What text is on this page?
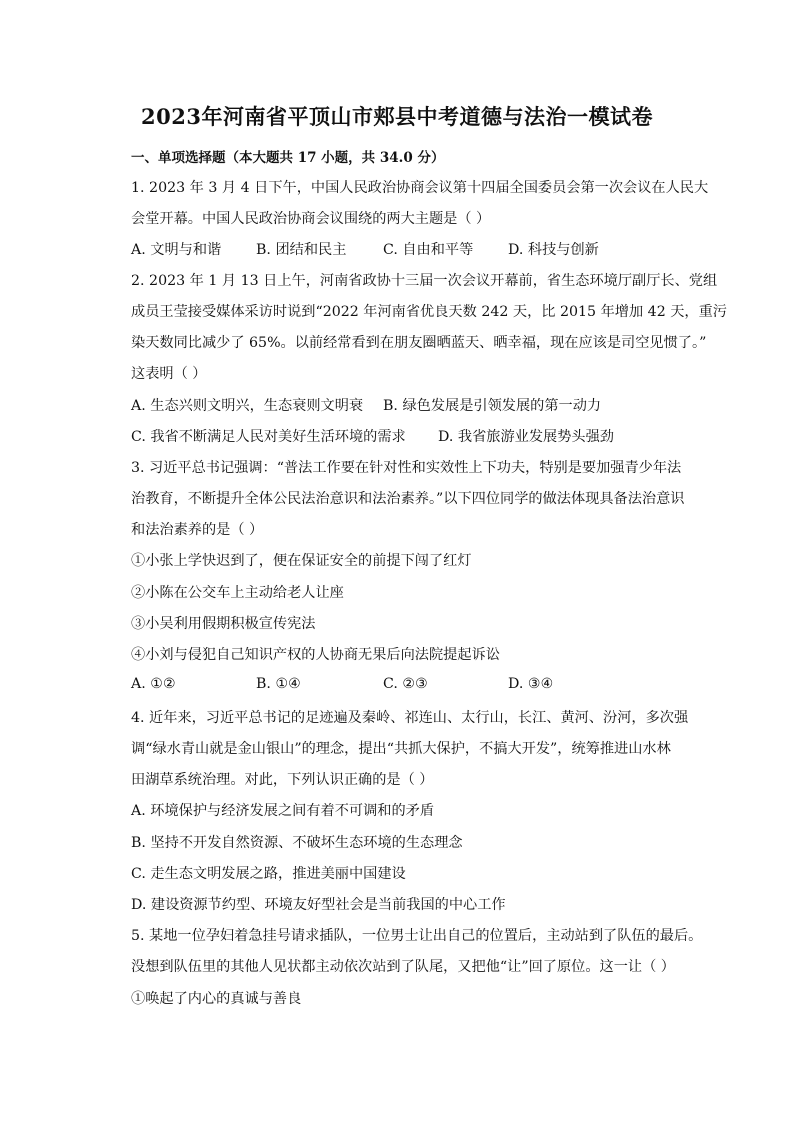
2023年河南省平顶山市郏县中考道德与法治一模试卷
一、单项选择题（本大题共 17 小题，共 34.0 分）
1. 2023 年 3 月 4 日下午，中国人民政治协商会议第十四届全国委员会第一次会议在人民大
会堂开幕。中国人民政治协商会议围绕的两大主题是（ ）
A. 文明与和谐 B. 团结和民主	C. 自由和平等 D. 科技与创新
2. 2023 年 1 月 13 日上午，河南省政协十三届一次会议开幕前，省生态环境厅副厅长、党组
成员王莹接受媒体采访时说到“2022 年河南省优良天数 242 天，比 2015 年增加 42 天，重污
染天数同比减少了 65%。以前经常看到在朋友圈晒蓝天、晒幸福，现在应该是司空见惯了。”
这表明（ ）
A. 生态兴则文明兴，生态衰则文明衰 B. 绿色发展是引领发展的第一动力
C. 我省不断满足人民对美好生活环境的需求 D. 我省旅游业发展势头强劲
3. 习近平总书记强调：“普法工作要在针对性和实效性上下功夫，特别是要加强青少年法
治教育，不断提升全体公民法治意识和法治素养。”以下四位同学的做法体现具备法治意识
和法治素养的是（ ）
①小张上学快迟到了，便在保证安全的前提下闯了红灯
②小陈在公交车上主动给老人让座
③小吴利用假期积极宣传宪法
④小刘与侵犯自己知识产权的人协商无果后向法院提起诉讼
A. ①②	B. ①④	C. ②③	D. ③④
4. 近年来，习近平总书记的足迹遍及秦岭、祁连山、太行山，长江、黄河、汾河，多次强
调“绿水青山就是金山银山”的理念，提出“共抓大保护，不搞大开发”，统筹推进山水林
田湖草系统治理。对此，下列认识正确的是（ ）
A. 环境保护与经济发展之间有着不可调和的矛盾
B. 坚持不开发自然资源、不破坏生态环境的生态理念
C. 走生态文明发展之路，推进美丽中国建设
D. 建设资源节约型、环境友好型社会是当前我国的中心工作
5. 某地一位孕妇着急挂号请求插队，一位男士让出自己的位置后，主动站到了队伍的最后。
没想到队伍里的其他人见状都主动依次站到了队尾，又把他“让”回了原位。这一让（ ）
①唤起了内心的真诚与善良
